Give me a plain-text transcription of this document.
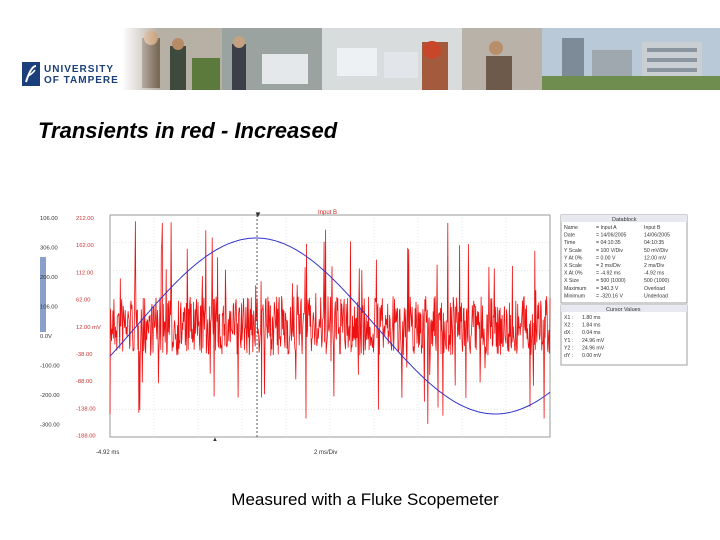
UNIVERSITY
OF TAMPERE
Transients in red - Increased
▼
▲
Input B
106.00
306.00
200.00
106.00
0.0V
-100.00
-200.00
-300.00
212.00
162.00
112.00
62.00
12.00 mV
-38.00
-88.00
-138.00
-188.00
-4.92 ms	2 ms/Div
Datablock
Name	= Input A	Input B
Date	= 14/06/2005	14/06/2005
Time	= 04:10:35	04:10:35
Y Scale	= 100 V/Div	50 mV/Div
Y At 0%	= 0.00 V	12.00 mV
X Scale	= 2 ms/Div	2 ms/Div
X At 0%	= -4.92 ms	-4.92 ms
X Size	= 500 (1000)	500 (1000)
Maximum = 340.3 V	Overload
Minimum = -320.16 V	Underload
Cursor Values
X1 : 1.80 ms
X2 : 1.84 ms
dX : 0.04 ms
Y1 : 24.96 mV
Y2 : 24.96 mV
dY : 0.00 mV
Measured with a Fluke Scopemeter
